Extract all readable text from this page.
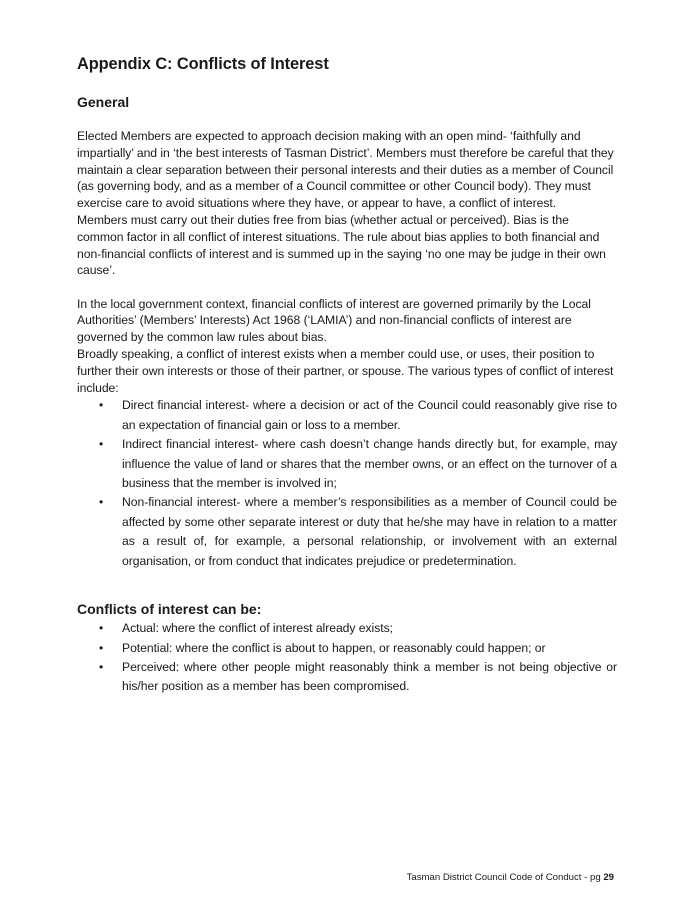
Appendix C: Conflicts of Interest
General

Elected Members are expected to approach decision making with an open mind- ‘faithfully and impartially’ and in ‘the best interests of Tasman District’. Members must therefore be careful that they maintain a clear separation between their personal interests and their duties as a member of Council (as governing body, and as a member of a Council committee or other Council body). They must exercise care to avoid situations where they have, or appear to have, a conflict of interest.

Members must carry out their duties free from bias (whether actual or perceived). Bias is the common factor in all conflict of interest situations. The rule about bias applies to both financial and non-financial conflicts of interest and is summed up in the saying ‘no one may be judge in their own cause’.

In the local government context, financial conflicts of interest are governed primarily by the Local Authorities’ (Members’ Interests) Act 1968 (‘LAMIA’) and non-financial conflicts of interest are governed by the common law rules about bias.

Broadly speaking, a conflict of interest exists when a member could use, or uses, their position to further their own interests or those of their partner, or spouse. The various types of conflict of interest include:

• Direct financial interest- where a decision or act of the Council could reasonably give rise to an expectation of financial gain or loss to a member.
• Indirect financial interest- where cash doesn’t change hands directly but, for example, may influence the value of land or shares that the member owns, or an effect on the turnover of a business that the member is involved in;
• Non-financial interest- where a member’s responsibilities as a member of Council could be affected by some other separate interest or duty that he/she may have in relation to a matter as a result of, for example, a personal relationship, or involvement with an external organisation, or from conduct that indicates prejudice or predetermination.
Conflicts of interest can be:
• Actual: where the conflict of interest already exists;
• Potential: where the conflict is about to happen, or reasonably could happen; or
• Perceived: where other people might reasonably think a member is not being objective or his/her position as a member has been compromised.
Tasman District Council Code of Conduct - pg 29
